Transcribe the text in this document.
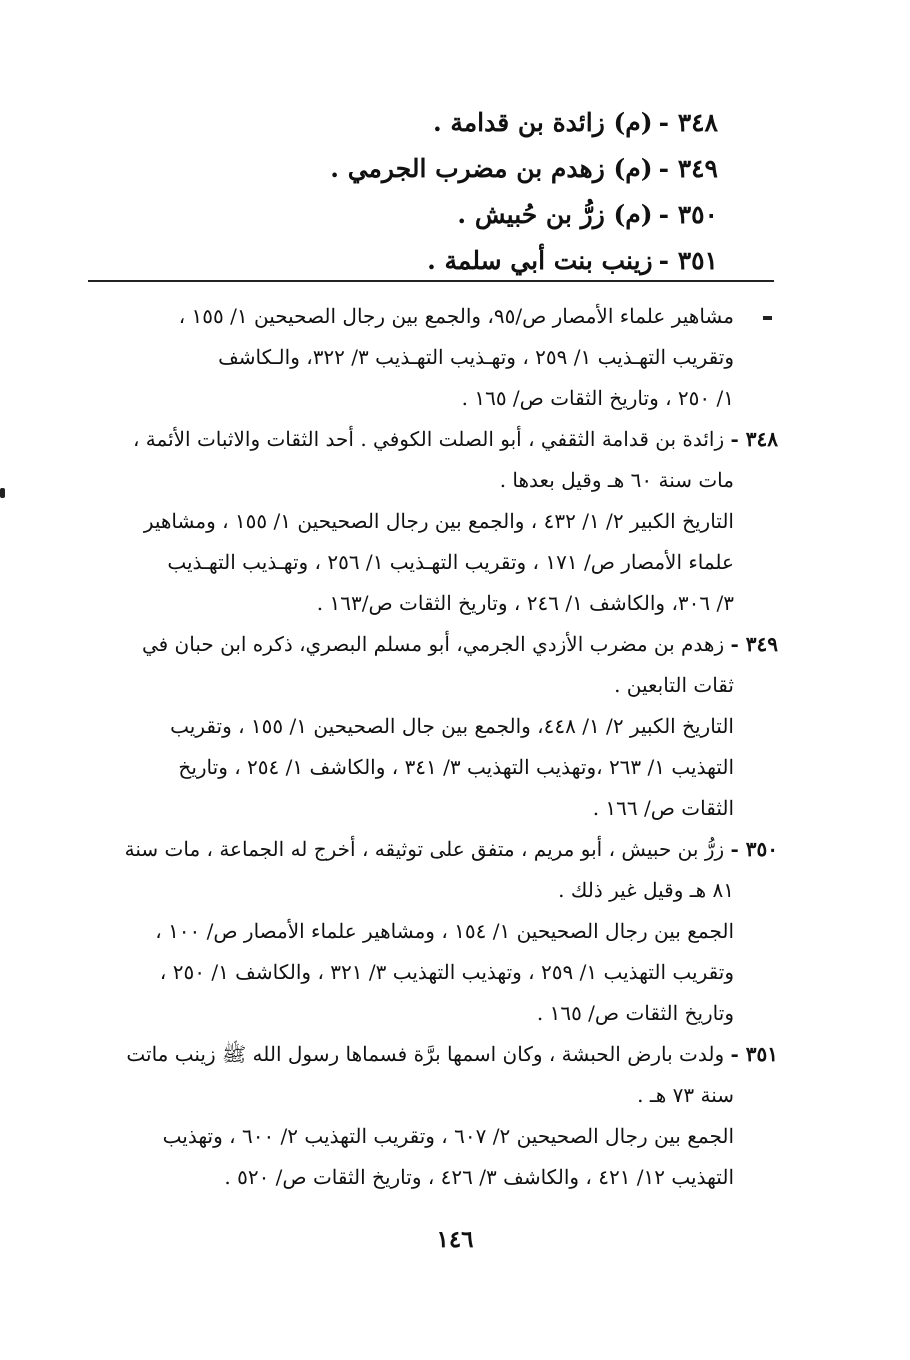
٣٤٨ -(م) زائدة بن قدامة .
٣٤٩ -(م) زهدم بن مضرب الجرمي .
٣٥٠ -(م) زرُّ بن حُبيش .
٣٥١ -زينب بنت أبي سلمة .

مشاهير علماء الأمصار ص/٩٥، والجمع بين رجال الصحيحين ١/ ١٥٥ ،

وتقريب التهـذيب ١/ ٢٥٩ ، وتهـذيب التهـذيب ٣/ ٣٢٢، والـكاشف

١/ ٢٥٠ ، وتاريخ الثقات ص/ ١٦٥ .

٣٤٨ - زائدة بن قدامة الثقفي ، أبو الصلت الكوفي . أحد الثقات والاثبات الأئمة ،

مات سنة ٦٠ هـ وقيل بعدها .

التاريخ الكبير ٢/ ١/ ٤٣٢ ، والجمع بين رجال الصحيحين ١/ ١٥٥ ، ومشاهير

علماء الأمصار ص/ ١٧١ ، وتقريب التهـذيب ١/ ٢٥٦ ، وتهـذيب التهـذيب

٣/ ٣٠٦، والكاشف ١/ ٢٤٦ ، وتاريخ الثقات ص/١٦٣ .

٣٤٩ - زهدم بن مضرب الأزدي الجرمي، أبو مسلم البصري، ذكره ابن حبان في

ثقات التابعين .

التاريخ الكبير ٢/ ١/ ٤٤٨، والجمع بين جال الصحيحين ١/ ١٥٥ ، وتقريب

التهذيب ١/ ٢٦٣ ،وتهذيب التهذيب ٣/ ٣٤١ ، والكاشف ١/ ٢٥٤ ، وتاريخ

الثقات ص/ ١٦٦ .

٣٥٠ - زرُّ بن حبيش ، أبو مريم ، متفق على توثيقه ، أخرج له الجماعة ، مات سنة

٨١ هـ وقيل غير ذلك .

الجمع بين رجال الصحيحين ١/ ١٥٤ ، ومشاهير علماء الأمصار ص/ ١٠٠ ،

وتقريب التهذيب ١/ ٢٥٩ ، وتهذيب التهذيب ٣/ ٣٢١ ، والكاشف ١/ ٢٥٠ ،

وتاريخ الثقات ص/ ١٦٥ .

٣٥١ - ولدت بارض الحبشة ، وكان اسمها برَّة فسماها رسول الله ﷺ زينب ماتت

سنة ٧٣ هـ .

الجمع بين رجال الصحيحين ٢/ ٦٠٧ ، وتقريب التهذيب ٢/ ٦٠٠ ، وتهذيب

التهذيب ١٢/ ٤٢١ ، والكاشف ٣/ ٤٢٦ ، وتاريخ الثقات ص/ ٥٢٠ .

١٤٦
